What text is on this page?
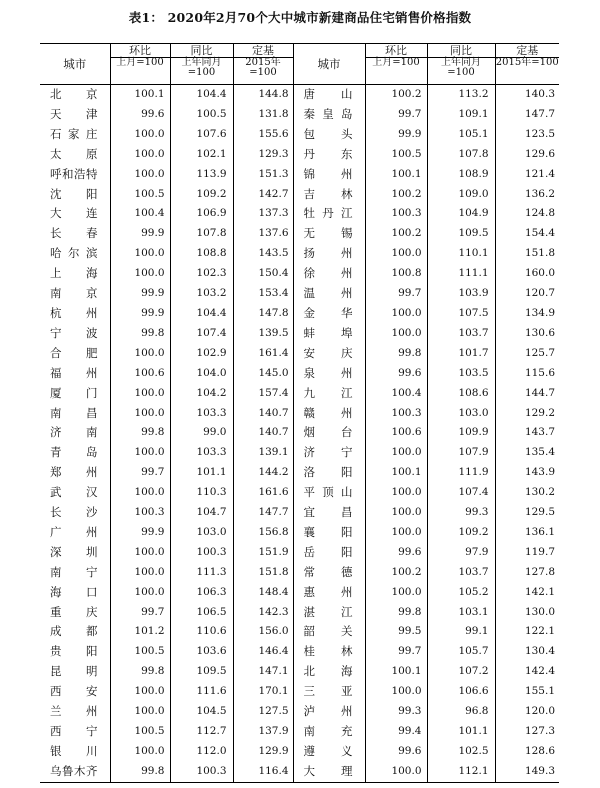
表1： 2020年2月70个大中城市新建商品住宅销售价格指数
城市	环比	同比	定基	城市	环比	同比	定基
	上月=100	上年同月=100	2015年=100		上月=100	上年同月=100	2015年=100
北京	100.1	104.4	144.8	唐山	100.2	113.2	140.3
天津	99.6	100.5	131.8	秦皇岛	99.7	109.1	147.7
石家庄	100.0	107.6	155.6	包头	99.9	105.1	123.5
太原	100.0	102.1	129.3	丹东	100.5	107.8	129.6
呼和浩特	100.0	113.9	151.3	锦州	100.1	108.9	121.4
沈阳	100.5	109.2	142.7	吉林	100.2	109.0	136.2
大连	100.4	106.9	137.3	牡丹江	100.3	104.9	124.8
长春	99.9	107.8	137.6	无锡	100.2	109.5	154.4
哈尔滨	100.0	108.8	143.5	扬州	100.0	110.1	151.8
上海	100.0	102.3	150.4	徐州	100.8	111.1	160.0
南京	99.9	103.2	153.4	温州	99.7	103.9	120.7
杭州	99.9	104.4	147.8	金华	100.0	107.5	134.9
宁波	99.8	107.4	139.5	蚌埠	100.0	103.7	130.6
合肥	100.0	102.9	161.4	安庆	99.8	101.7	125.7
福州	100.6	104.0	145.0	泉州	99.6	103.5	115.6
厦门	100.0	104.2	157.4	九江	100.4	108.6	144.7
南昌	100.0	103.3	140.7	赣州	100.3	103.0	129.2
济南	99.8	99.0	140.7	烟台	100.6	109.9	143.7
青岛	100.0	103.3	139.1	济宁	100.0	107.9	135.4
郑州	99.7	101.1	144.2	洛阳	100.1	111.9	143.9
武汉	100.0	110.3	161.6	平顶山	100.0	107.4	130.2
长沙	100.3	104.7	147.7	宜昌	100.0	99.3	129.5
广州	99.9	103.0	156.8	襄阳	100.0	109.2	136.1
深圳	100.0	100.3	151.9	岳阳	99.6	97.9	119.7
南宁	100.0	111.3	151.8	常德	100.2	103.7	127.8
海口	100.0	106.3	148.4	惠州	100.0	105.2	142.1
重庆	99.7	106.5	142.3	湛江	99.8	103.1	130.0
成都	101.2	110.6	156.0	韶关	99.5	99.1	122.1
贵阳	100.5	103.6	146.4	桂林	99.7	105.7	130.4
昆明	99.8	109.5	147.1	北海	100.1	107.2	142.4
西安	100.0	111.6	170.1	三亚	100.0	106.6	155.1
兰州	100.0	104.5	127.5	泸州	99.3	96.8	120.0
西宁	100.5	112.7	137.9	南充	99.4	101.1	127.3
银川	100.0	112.0	129.9	遵义	99.6	102.5	128.6
乌鲁木齐	99.8	100.3	116.4	大理	100.0	112.1	149.3
